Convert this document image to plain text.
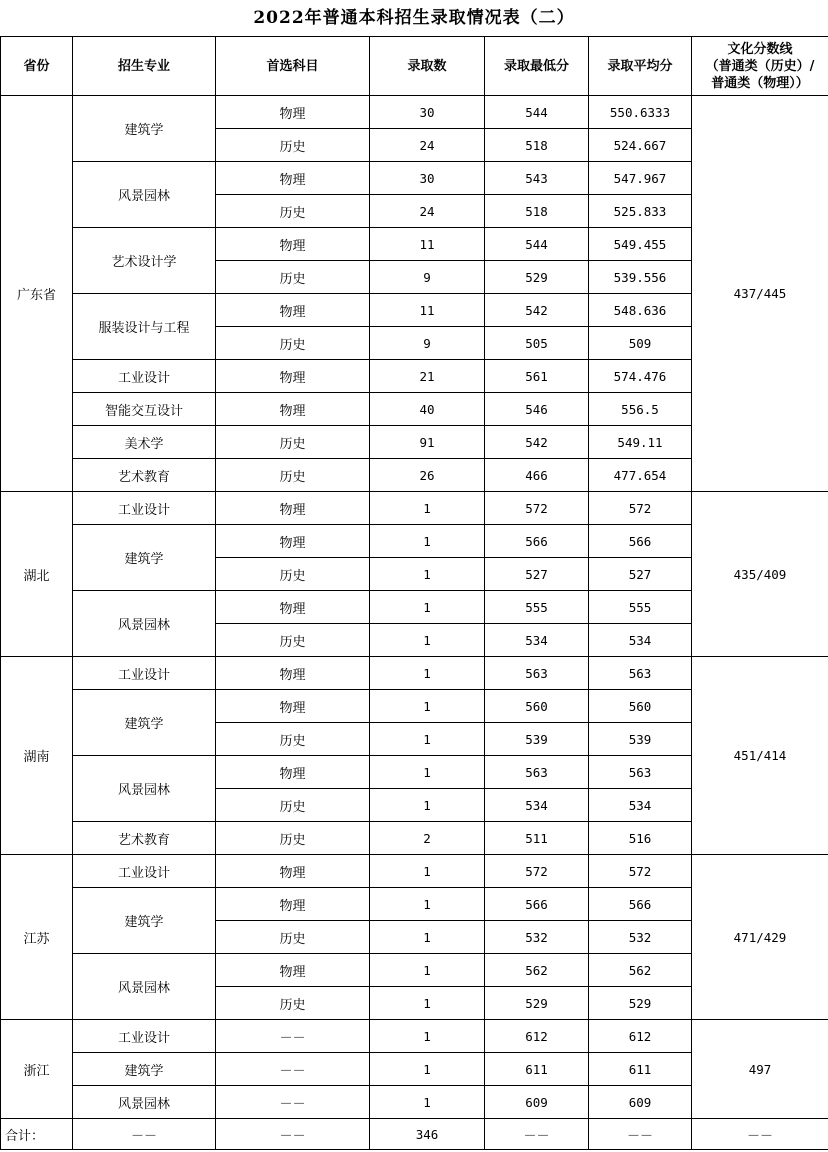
2022年普通本科招生录取情况表（二）
省份	招生专业	首选科目	录取数	录取最低分	录取平均分	文化分数线
（普通类（历史）/
普通类（物理））

广东省	建筑学	物理	30	544	550.6333	437/445
		历史	24	518	524.667	
	风景园林	物理	30	543	547.967	
		历史	24	518	525.833	
	艺术设计学	物理	11	544	549.455	
		历史	9	529	539.556	
	服装设计与工程	物理	11	542	548.636	
		历史	9	505	509	
	工业设计	物理	21	561	574.476	
	智能交互设计	物理	40	546	556.5	
	美术学	历史	91	542	549.11	
	艺术教育	历史	26	466	477.654	
湖北	工业设计	物理	1	572	572	435/409
	建筑学	物理	1	566	566	
		历史	1	527	527	
	风景园林	物理	1	555	555	
		历史	1	534	534	
湖南	工业设计	物理	1	563	563	451/414
	建筑学	物理	1	560	560	
		历史	1	539	539	
	风景园林	物理	1	563	563	
		历史	1	534	534	
	艺术教育	历史	2	511	516	
江苏	工业设计	物理	1	572	572	471/429
	建筑学	物理	1	566	566	
		历史	1	532	532	
	风景园林	物理	1	562	562	
		历史	1	529	529	
浙江	工业设计	－－	1	612	612	497
	建筑学	－－	1	611	611	
	风景园林	－－	1	609	609	
合计：	－－	－－	346	－－	－－	－－
